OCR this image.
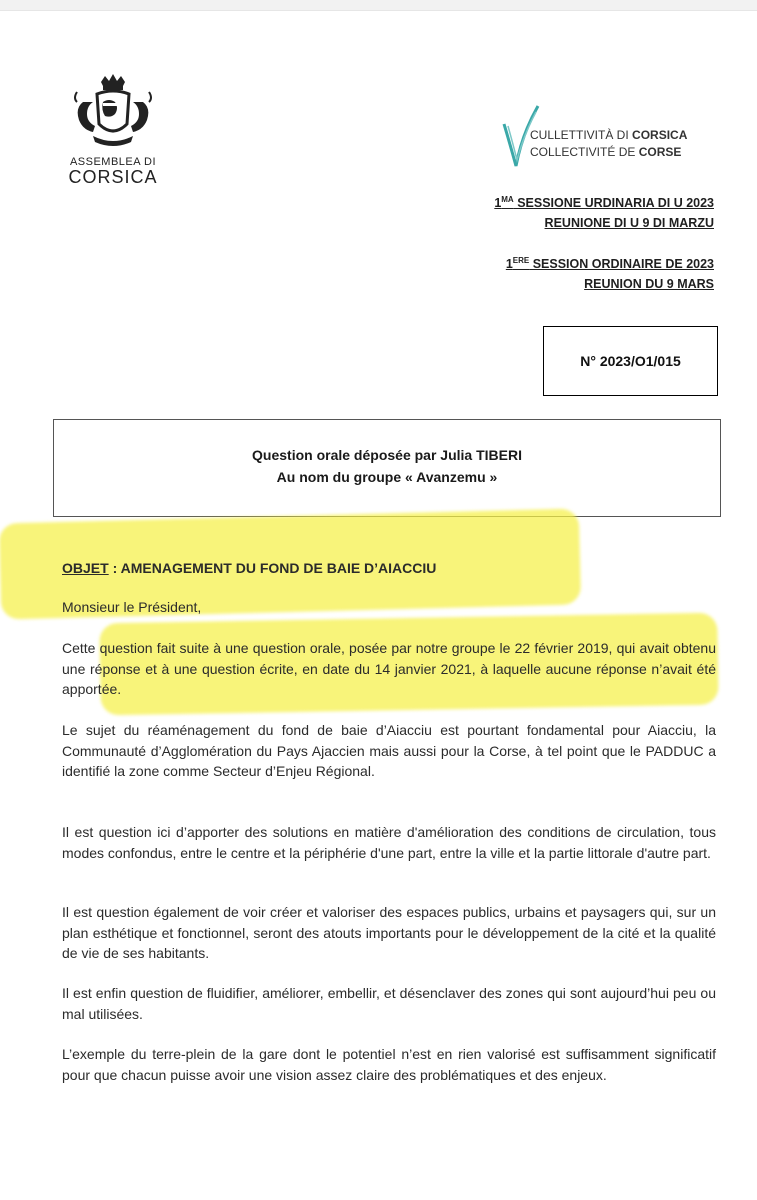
ASSEMBLEA DI
CORSICA
CULLETTIVITÀ DI CORSICA
COLLECTIVITÉ DE CORSE
$1^{MA}$ SESSIONE URDINARIA DI U 2023
REUNIONE DI U 9 DI MARZU
1ERE SESSION ORDINAIRE DE 2023
REUNION DU 9 MARS
N° 2023/O1/015
Question orale déposée par Julia TIBERI
Au nom du groupe « Avanzemu »
OBJET : AMENAGEMENT DU FOND DE BAIE D’AIACCIU
Monsieur le Président,
Cette question fait suite à une question orale, posée par notre groupe le 22 février 2019, qui avait obtenu une réponse et à une question écrite, en date du 14 janvier 2021, à laquelle aucune réponse n’avait été apportée.
Le sujet du réaménagement du fond de baie d’Aiacciu est pourtant fondamental pour Aiacciu, la Communauté d’Agglomération du Pays Ajaccien mais aussi pour la Corse, à tel point que le PADDUC a identifié la zone comme Secteur d’Enjeu Régional.
Il est question ici d’apporter des solutions en matière d'amélioration des conditions de circulation, tous modes confondus, entre le centre et la périphérie d'une part, entre la ville et la partie littorale d'autre part.
Il est question également de voir créer et valoriser des espaces publics, urbains et paysagers qui, sur un plan esthétique et fonctionnel, seront des atouts importants pour le développement de la cité et la qualité de vie de ses habitants.
Il est enfin question de fluidifier, améliorer, embellir, et désenclaver des zones qui sont aujourd’hui peu ou mal utilisées.
L’exemple du terre-plein de la gare dont le potentiel n’est en rien valorisé est suffisamment significatif pour que chacun puisse avoir une vision assez claire des problématiques et des enjeux.
